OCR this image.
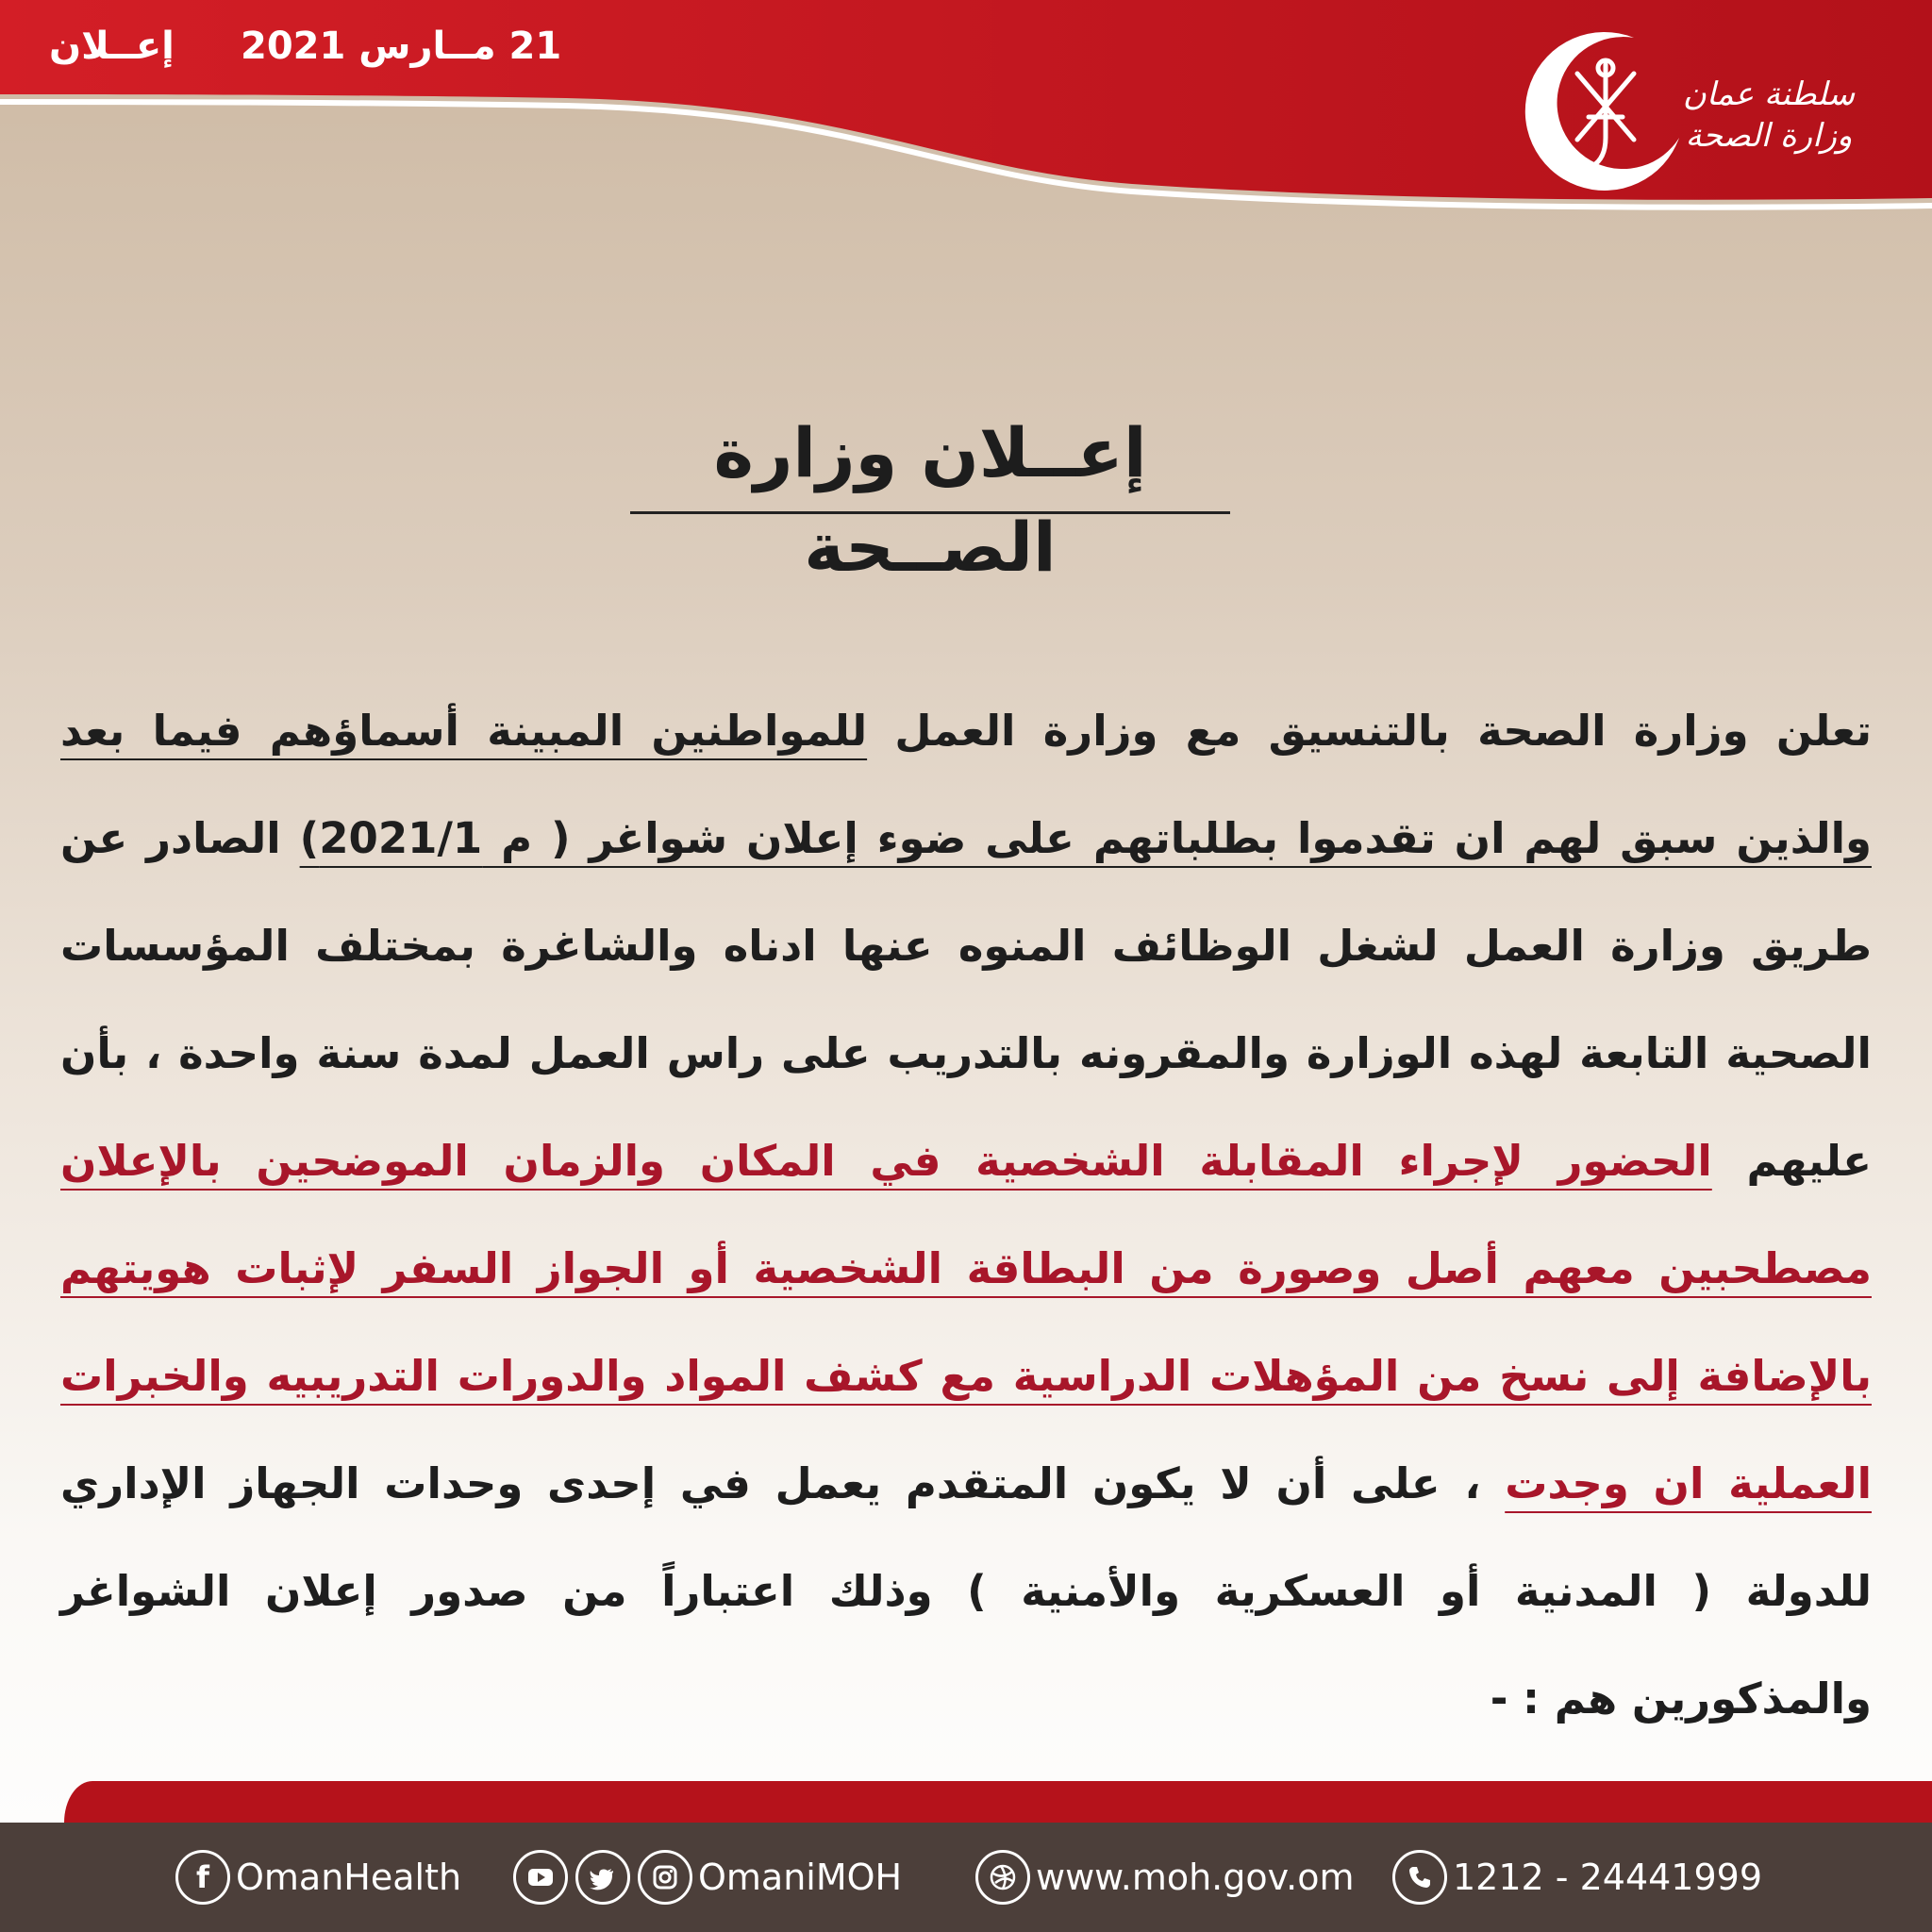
إعــلان 21 مــارس 2021
سلطنة عمان
وزارة الصحة
إعــلان وزارة الصــحة
تعلن وزارة الصحة بالتنسيق مع وزارة العمل للمواطنين المبينة أسماؤهم فيما بعد والذين سبق لهم ان تقدموا بطلباتهم على ضوء إعلان شواغر ( م 2021/1) الصادر عن طريق وزارة العمل لشغل الوظائف المنوه عنها ادناه والشاغرة بمختلف المؤسسات الصحية التابعة لهذه الوزارة والمقرونه بالتدريب على راس العمل لمدة سنة واحدة ، بأن عليهم الحضور لإجراء المقابلة الشخصية في المكان والزمان الموضحين بالإعلان مصطحبين معهم أصل وصورة من البطاقة الشخصية أو الجواز السفر لإثبات هويتهم بالإضافة إلى نسخ من المؤهلات الدراسية مع كشف المواد والدورات التدريبيه والخبرات العملية ان وجدت ، على أن لا يكون المتقدم يعمل في إحدى وحدات الجهاز الإداري للدولة ( المدنية أو العسكرية والأمنية ) وذلك اعتباراً من صدور إعلان الشواغر والمذكورين هم : -
f OmanHealth	OmaniMOH	www.moh.gov.om	24441999 - 1212
